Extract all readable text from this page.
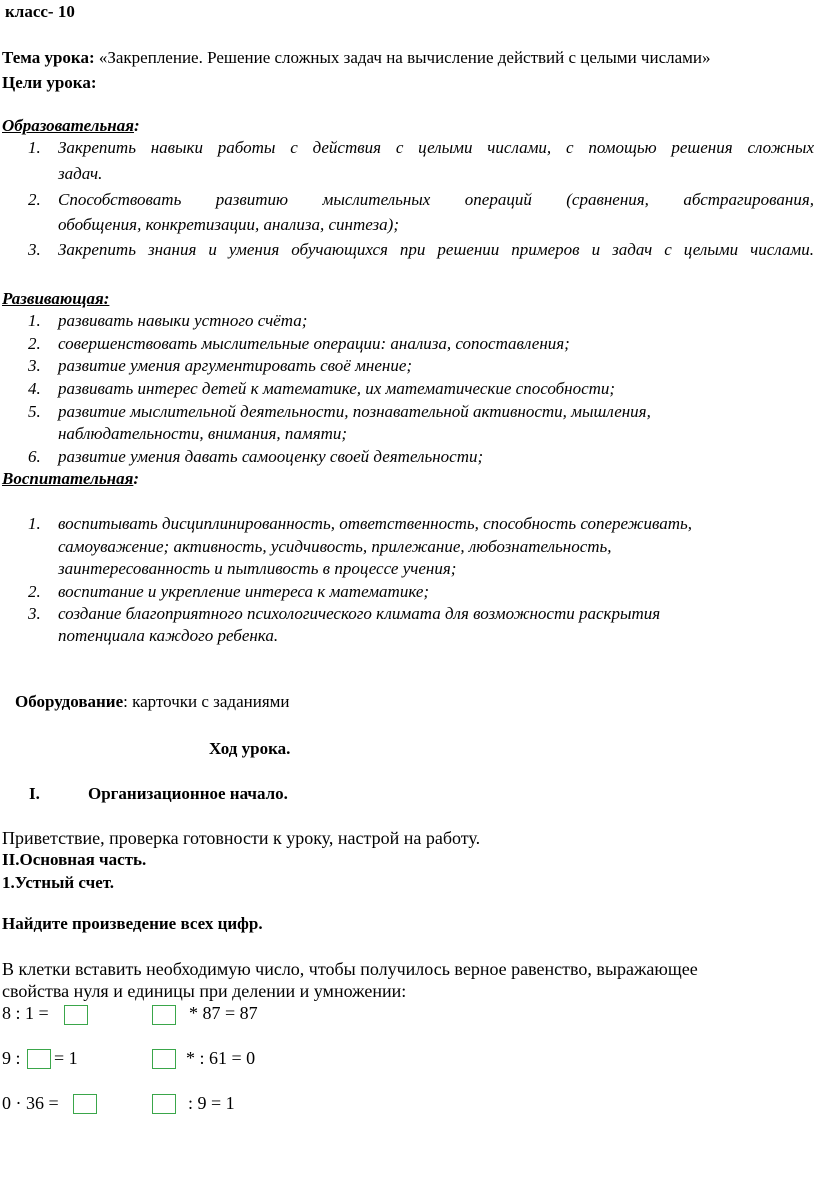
класс- 10
Тема урока: «Закрепление. Решение сложных задач на вычисление действий с целыми числами»
Цели урока:
Образовательная:
1. Закрепить навыки работы с действия с целыми числами, с помощью решения сложных
задач.
2. Способствовать развитию мыслительных операций (сравнения, абстрагирования,
обобщения, конкретизации, анализа, синтеза);
3. Закрепить знания и умения обучающихся при решении примеров и задач с целыми числами.
Развивающая:
1. развивать навыки устного счёта;
2. совершенствовать мыслительные операции: анализа, сопоставления;
3. развитие умения аргументировать своё мнение;
4. развивать интерес детей к математике, их математические способности;
5. развитие мыслительной деятельности, познавательной активности, мышления,
наблюдательности, внимания, памяти;
6. развитие умения давать самооценку своей деятельности;
Воспитательная:
1. воспитывать дисциплинированность, ответственность, способность сопереживать,
самоуважение; активность, усидчивость, прилежание, любознательность,
заинтересованность и пытливость в процессе учения;
2. воспитание и укрепление интереса к математике;
3. создание благоприятного психологического климата для возможности раскрытия
потенциала каждого ребенка.
Оборудование: карточки с заданиями
Ход урока.
I.	Организационное начало.
Приветствие, проверка готовности к уроку, настрой на работу.
II.Основная часть.
1.Устный счет.
Найдите произведение всех цифр.
В клетки вставить необходимую число, чтобы получилось верное равенство, выражающее
свойства нуля и единицы при делении и умножении:
8 : 1 =	* 87 = 87
9 : = 1	* : 61 = 0
0 · 36 =	: 9 = 1
